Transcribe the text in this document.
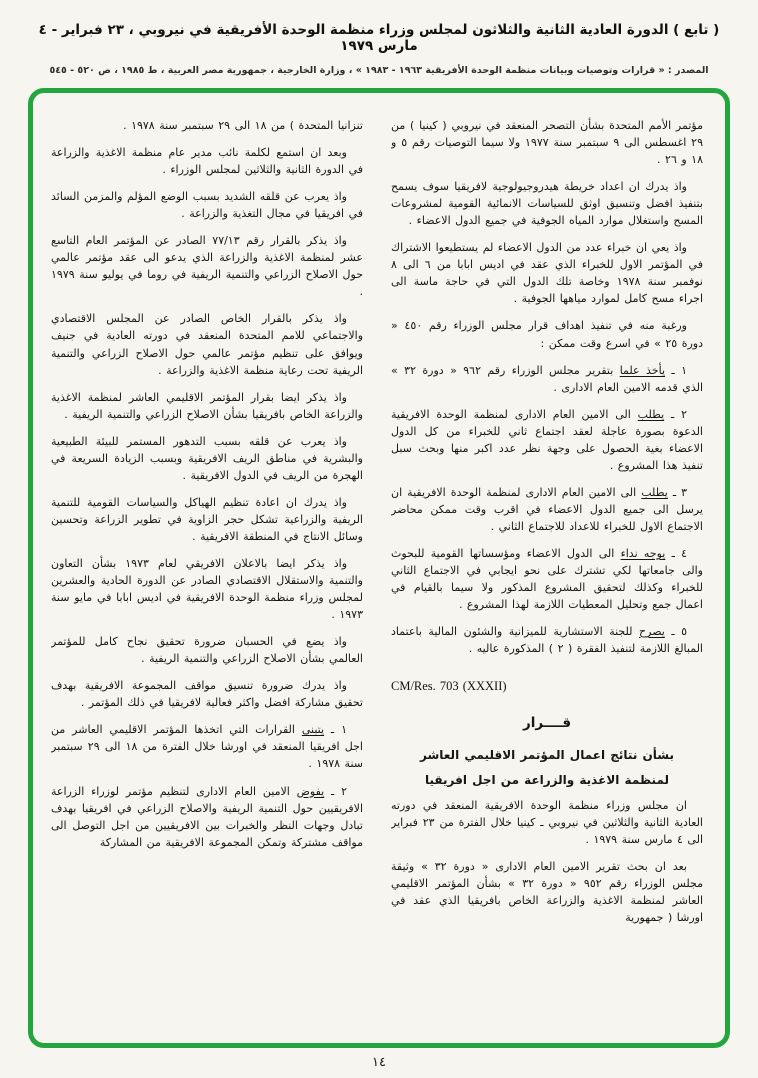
( تابع ) الدورة العادية الثانية والثلاثون لمجلس وزراء منظمة الوحدة الأفريقية في نيروبي ، ٢٣ فبراير - ٤ مارس ١٩٧٩
المصدر : « قرارات وتوصيات وبيانات منظمة الوحدة الأفريقية ١٩٦٣ - ١٩٨٣ » ، وزارة الخارجية ، جمهورية مصر العربية ، ط ١٩٨٥ ، ص ٥٢٠ - ٥٤٥
مؤتمر الأمم المتحدة بشأن التصحر المنعقد في نيروبي ( كينيا ) من ٢٩ اغسطس الى ٩ سبتمبر سنة ١٩٧٧ ولا سيما التوصيات رقم ٥ و ١٨ و ٢٦ .
واذ يدرك ان اعداد خريطة هيدروجيولوجية لافريقيا سوف يسمح بتنفيذ افضل وتنسيق اوثق للسياسات الانمائية القومية لمشروعات المسح واستغلال موارد المياه الجوفية في جميع الدول الاعضاء .
واذ يعي ان خبراء عدد من الدول الاعضاء لم يستطيعوا الاشتراك في المؤتمر الاول للخبراء الذي عقد في اديس ابابا من ٦ الى ٨ نوفمبر سنة ١٩٧٨ وخاصة تلك الدول التي في حاجة ماسة الى اجراء مسح كامل لموارد مياهها الجوفية .
ورغبة منه في تنفيذ اهداف قرار مجلس الوزراء رقم ٤٥٠ « دورة ٢٥ » في اسرع وقت ممكن :
١ ـ يأخذ علما بتقرير مجلس الوزراء رقم ٩٦٢ « دورة ٣٢ » الذي قدمه الامين العام الادارى .
٢ ـ يطلب الى الامين العام الادارى لمنظمة الوحدة الافريقية الدعوة بصورة عاجلة لعقد اجتماع ثاني للخبراء من كل الدول الاعضاء بغية الحصول على وجهة نظر عدد اكبر منها وبحث سبل تنفيذ هذا المشروع .
٣ ـ يطلب الى الامين العام الادارى لمنظمة الوحدة الافريقية ان يرسل الى جميع الدول الاعضاء في اقرب وقت ممكن محاضر الاجتماع الاول للخبراء للاعداد للاجتماع الثاني .
٤ ـ يوجه نداء الى الدول الاعضاء ومؤسساتها القومية للبحوث والى جامعاتها لكي تشترك على نحو ايجابي في الاجتماع الثاني للخبراء وكذلك لتحقيق المشروع المذكور ولا سيما بالقيام في اعمال جمع وتحليل المعطيات اللازمة لهذا المشروع .
٥ ـ يصرح للجنة الاستشارية للميزانية والشئون المالية باعتماد المبالغ اللازمة لتنفيذ الفقرة ( ٢ ) المذكورة عاليه .
CM/Res. 703 (XXXII)
قــــرار
بشأن نتائج اعمال المؤتمر الاقليمي العاشر
لمنظمة الاغذية والزراعة من اجل افريقيا
ان مجلس وزراء منظمة الوحدة الافريقية المنعقد في دورته العادية الثانية والثلاثين في نيروبي ـ كينيا خلال الفترة من ٢٣ فبراير الى ٤ مارس سنة ١٩٧٩ .
بعد ان بحث تقرير الامين العام الادارى « دورة ٣٢ » وثيقة مجلس الوزراء رقم ٩٥٢ « دورة ٣٢ » بشأن المؤتمر الاقليمي العاشر لمنظمة الاغذية والزراعة الخاص بافريقيا الذي عقد في اورشا ( جمهورية
تنزانيا المتحدة ) من ١٨ الى ٢٩ سبتمبر سنة ١٩٧٨ .
وبعد ان استمع لكلمة نائب مدير عام منظمة الاغذية والزراعة في الدورة الثانية والثلاثين لمجلس الوزراء .
واذ يعرب عن قلقه الشديد بسبب الوضع المؤلم والمزمن السائد في افريقيا في مجال التغذية والزراعة .
واذ يذكر بالقرار رقم ٧٧/١٣ الصادر عن المؤتمر العام التاسع عشر لمنظمة الاغذية والزراعة الذي يدعو الى عقد مؤتمر عالمي حول الاصلاح الزراعي والتنمية الريفية في روما في يوليو سنة ١٩٧٩ .
واذ يذكر بالقرار الخاص الصادر عن المجلس الاقتصادي والاجتماعي للامم المتحدة المنعقد في دورته العادية في جنيف ويوافق على تنظيم مؤتمر عالمي حول الاصلاح الزراعي والتنمية الريفية تحت رعاية منظمة الاغذية والزراعة .
واذ يذكر ايضا بقرار المؤتمر الاقليمي العاشر لمنظمة الاغذية والزراعة الخاص بافريقيا بشأن الاصلاح الزراعي والتنمية الريفية .
واذ يعرب عن قلقه بسبب التدهور المستمر للبيئة الطبيعية والبشرية في مناطق الريف الافريقية وبسبب الزيادة السريعة في الهجرة من الريف في الدول الافريقية .
واذ يدرك ان اعادة تنظيم الهياكل والسياسات القومية للتنمية الريفية والزراعية تشكل حجر الزاوية في تطوير الزراعة وتحسين وسائل الانتاج في المنطقة الافريقية .
واذ يذكر ايضا بالاعلان الافريقي لعام ١٩٧٣ بشأن التعاون والتنمية والاستقلال الاقتصادي الصادر عن الدورة الحادية والعشرين لمجلس وزراء منظمة الوحدة الافريقية في اديس ابابا في مايو سنة ١٩٧٣ .
واذ يضع في الحسبان ضرورة تحقيق نجاح كامل للمؤتمر العالمي بشأن الاصلاح الزراعي والتنمية الريفية .
واذ يدرك ضرورة تنسيق مواقف المجموعة الافريقية بهدف تحقيق مشاركة افضل واكثر فعالية لافريقيا في ذلك المؤتمر .
١ ـ يتبنى القرارات التي اتخذها المؤتمر الاقليمي العاشر من اجل افريقيا المنعقد في اورشا خلال الفترة من ١٨ الى ٢٩ سبتمبر سنة ١٩٧٨ .
٢ ـ يفوض الامين العام الادارى لتنظيم مؤتمر لوزراء الزراعة الافريقيين حول التنمية الريفية والاصلاح الزراعي في افريقيا بهدف تبادل وجهات النظر والخبرات بين الافريقيين من اجل التوصل الى مواقف مشتركة وتمكن المجموعة الافريقية من المشاركة
١٤
